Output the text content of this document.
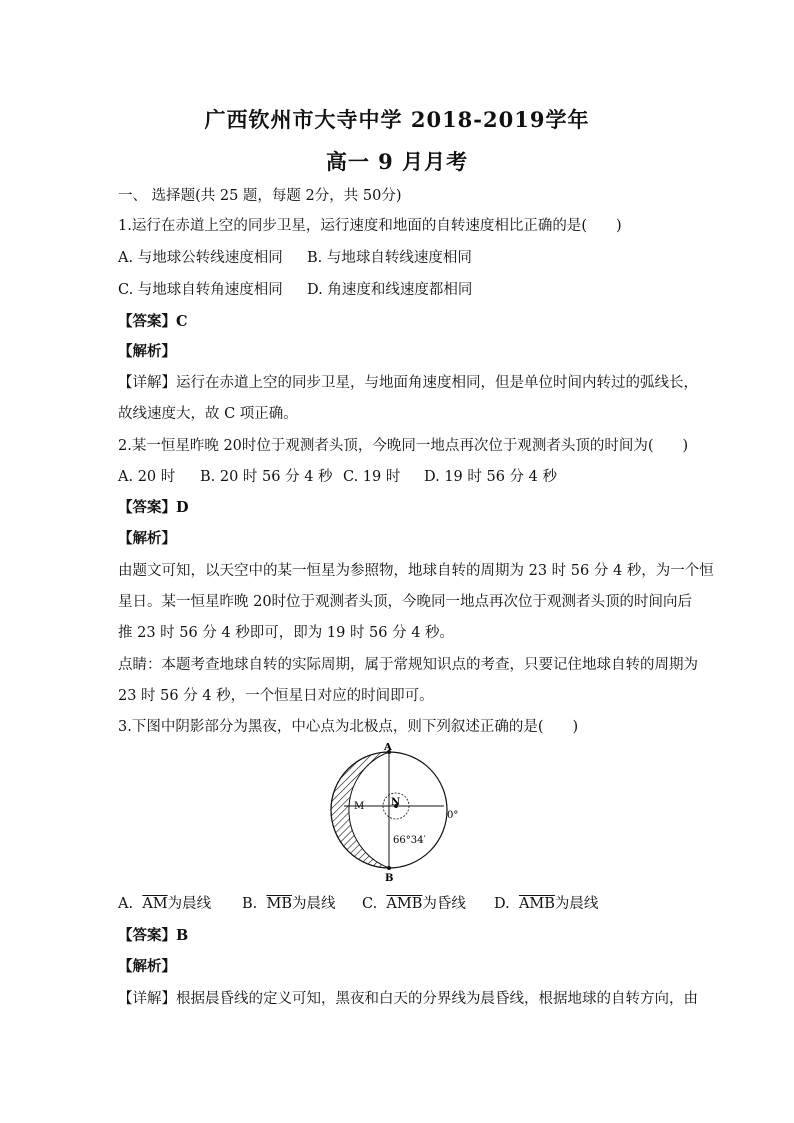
广西钦州市大寺中学 2018-2019学年
高一 9 月月考
一、 选择题(共 25 题，每题 2分，共 50分)
1.运行在赤道上空的同步卫星，运行速度和地面的自转速度相比正确的是(　　)
A. 与地球公转线速度相同 B. 与地球自转线速度相同
C. 与地球自转角速度相同 D. 角速度和线速度都相同
【答案】C
【解析】
【详解】运行在赤道上空的同步卫星，与地面角速度相同，但是单位时间内转过的弧线长，
故线速度大，故 C 项正确。
2.某一恒星昨晚 20时位于观测者头顶，今晚同一地点再次位于观测者头顶的时间为(　　)
A. 20 时 B. 20 时 56 分 4 秒 C. 19 时 D. 19 时 56 分 4 秒
【答案】D
【解析】
由题文可知，以天空中的某一恒星为参照物，地球自转的周期为 23 时 56 分 4 秒，为一个恒
星日。某一恒星昨晚 20时位于观测者头顶，今晚同一地点再次位于观测者头顶的时间向后
推 23 时 56 分 4 秒即可，即为 19 时 56 分 4 秒。
点睛：本题考查地球自转的实际周期，属于常规知识点的考查，只要记住地球自转的周期为
23 时 56 分 4 秒，一个恒星日对应的时间即可。
3.下图中阴影部分为黑夜，中心点为北极点，则下列叙述正确的是(　　)
A
B
M	N
0°
66°34′
A. $\overline{AM}$为晨线 B. $\overline{MB}$为晨线 C. $\overline{AMB}$为昏线 D. $\overline{AMB}$为晨线
【答案】B
【解析】
【详解】根据晨昏线的定义可知，黑夜和白天的分界线为晨昏线，根据地球的自转方向，由
